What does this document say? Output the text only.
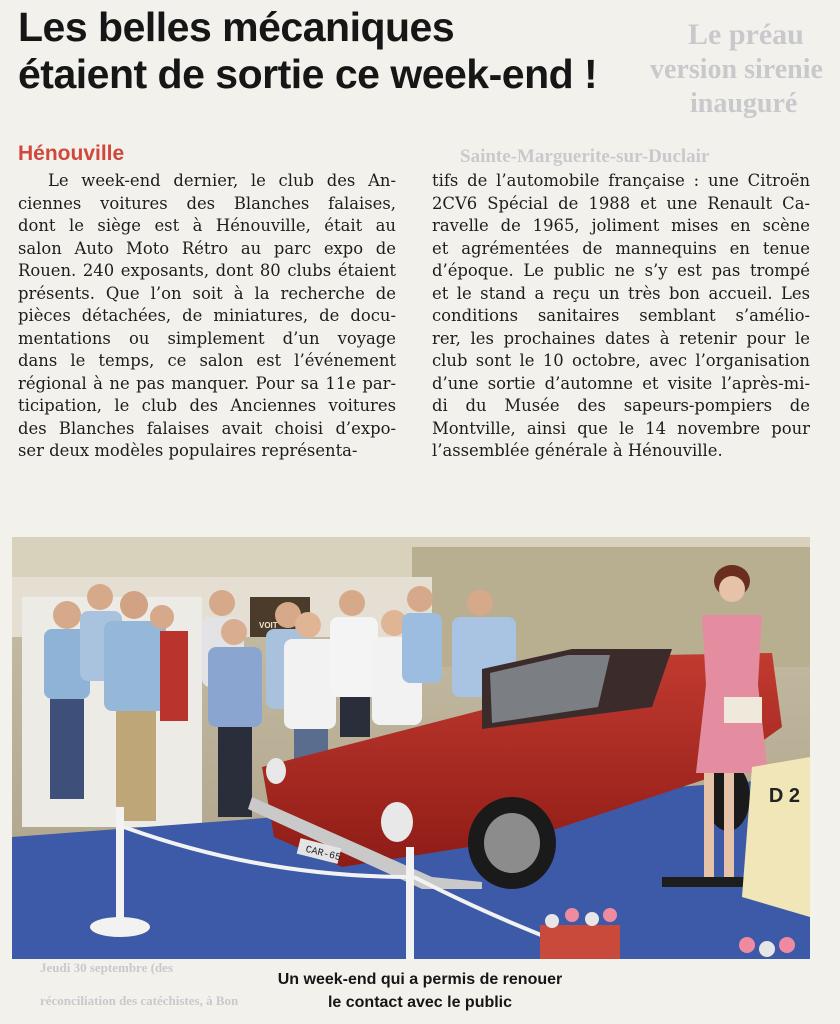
Le préau
version sirenie
inauguré
Sainte-Marguerite-sur-Duclair
Jeudi 30 septembre (des
réconciliation des catéchistes, à Bon
Les belles mécaniques
étaient de sortie ce week-end !
Hénouville
Le week-end dernier, le club des An-
ciennes voitures des Blanches falaises,
dont le siège est à Hénouville, était au
salon Auto Moto Rétro au parc expo de
Rouen. 240 exposants, dont 80 clubs étaient
présents. Que l’on soit à la recherche de
pièces détachées, de miniatures, de docu-
mentations ou simplement d’un voyage
dans le temps, ce salon est l’événement
régional à ne pas manquer. Pour sa 11e par-
ticipation, le club des Anciennes voitures
des Blanches falaises avait choisi d’expo-
ser deux modèles populaires représenta-
tifs de l’automobile française : une Citroën
2CV6 Spécial de 1988 et une Renault Ca-
ravelle de 1965, joliment mises en scène
et agrémentées de mannequins en tenue
d’époque. Le public ne s’y est pas trompé
et le stand a reçu un très bon accueil. Les
conditions sanitaires semblant s’amélio-
rer, les prochaines dates à retenir pour le
club sont le 10 octobre, avec l’organisation
d’une sortie d’automne et visite l’après-mi-
di du Musée des sapeurs-pompiers de
Montville, ainsi que le 14 novembre pour
l’assemblée générale à Hénouville.
VOIT
CAR-65
D 2
Un week-end qui a permis de renouer
le contact avec le public
